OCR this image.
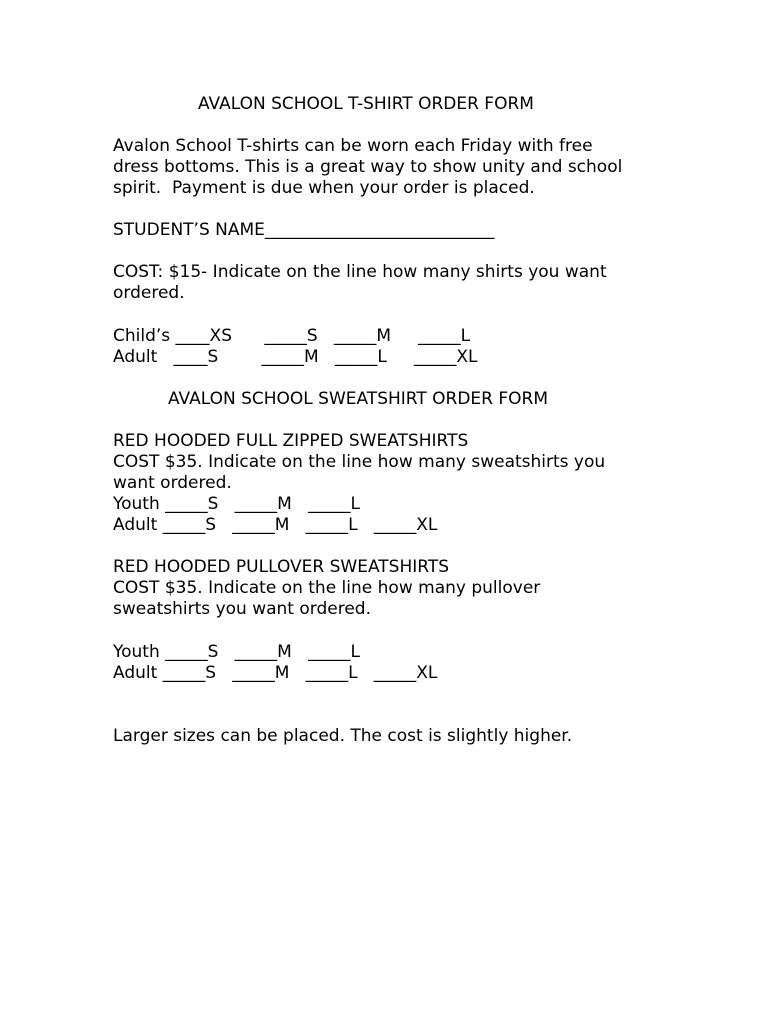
AVALON SCHOOL T-SHIRT ORDER FORM
Avalon School T-shirts can be worn each Friday with free
dress bottoms. This is a great way to show unity and school
spirit.  Payment is due when your order is placed.
STUDENT’S NAME___________________________
COST: $15- Indicate on the line how many shirts you want
ordered.
Child’s ____XS      _____S   _____M     _____L
Adult   ____S        _____M   _____L     _____XL
AVALON SCHOOL SWEATSHIRT ORDER FORM
RED HOODED FULL ZIPPED SWEATSHIRTS
COST $35. Indicate on the line how many sweatshirts you
want ordered.
Youth _____S   _____M   _____L
Adult _____S   _____M   _____L   _____XL
RED HOODED PULLOVER SWEATSHIRTS
COST $35. Indicate on the line how many pullover
sweatshirts you want ordered.
Youth _____S   _____M   _____L
Adult _____S   _____M   _____L   _____XL
Larger sizes can be placed. The cost is slightly higher.
